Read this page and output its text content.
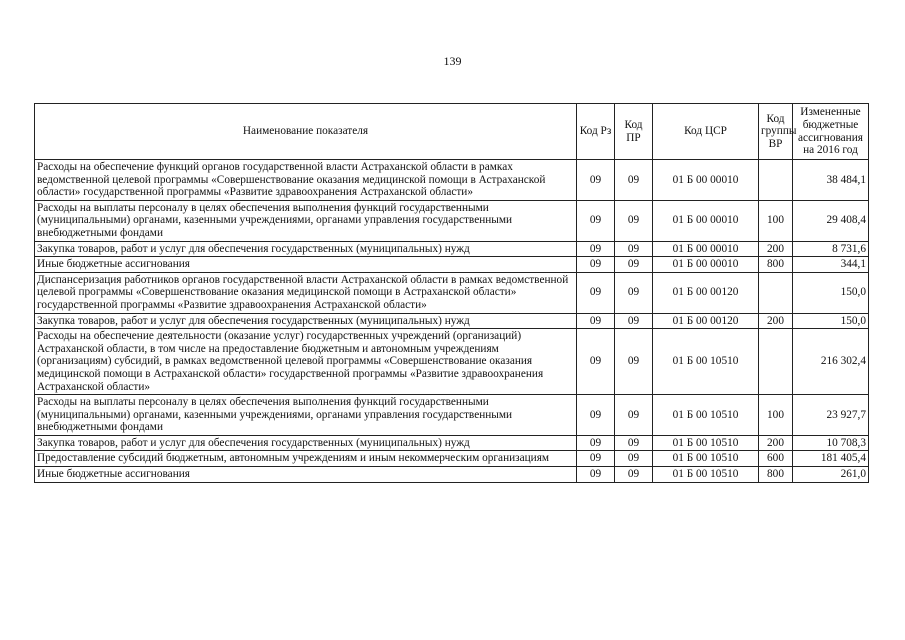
139
Наименование показателя	Код Рз	Код ПР	Код ЦСР	Код группы ВР	Измененные бюджетные ассигнования на 2016 год
Расходы на обеспечение функций органов государственной власти Астраханской области в рамках ведомственной целевой программы «Совершенствование оказания медицинской помощи в Астраханской области» государственной программы «Развитие здравоохранения Астраханской области»	09	09	01 Б 00 00010		38 484,1
Расходы на выплаты персоналу в целях обеспечения выполнения функций государственными (муниципальными) органами, казенными учреждениями, органами управления государственными внебюджетными фондами	09	09	01 Б 00 00010	100	29 408,4
Закупка товаров, работ и услуг для обеспечения государственных (муниципальных) нужд	09	09	01 Б 00 00010	200	8 731,6
Иные бюджетные ассигнования	09	09	01 Б 00 00010	800	344,1
Диспансеризация работников органов государственной власти Астраханской области в рамках ведомственной целевой программы «Совершенствование оказания медицинской помощи в Астраханской области» государственной программы «Развитие здравоохранения Астраханской области»	09	09	01 Б 00 00120		150,0
Закупка товаров, работ и услуг для обеспечения государственных (муниципальных) нужд	09	09	01 Б 00 00120	200	150,0
Расходы на обеспечение деятельности (оказание услуг) государственных учреждений (организаций) Астраханской области, в том числе на предоставление бюджетным и автономным учреждениям (организациям) субсидий, в рамках ведомственной целевой программы «Совершенствование оказания медицинской помощи в Астраханской области» государственной программы «Развитие здравоохранения Астраханской области»	09	09	01 Б 00 10510		216 302,4
Расходы на выплаты персоналу в целях обеспечения выполнения функций государственными (муниципальными) органами, казенными учреждениями, органами управления государственными внебюджетными фондами	09	09	01 Б 00 10510	100	23 927,7
Закупка товаров, работ и услуг для обеспечения государственных (муниципальных) нужд	09	09	01 Б 00 10510	200	10 708,3
Предоставление субсидий бюджетным, автономным учреждениям и иным некоммерческим организациям	09	09	01 Б 00 10510	600	181 405,4
Иные бюджетные ассигнования	09	09	01 Б 00 10510	800	261,0
